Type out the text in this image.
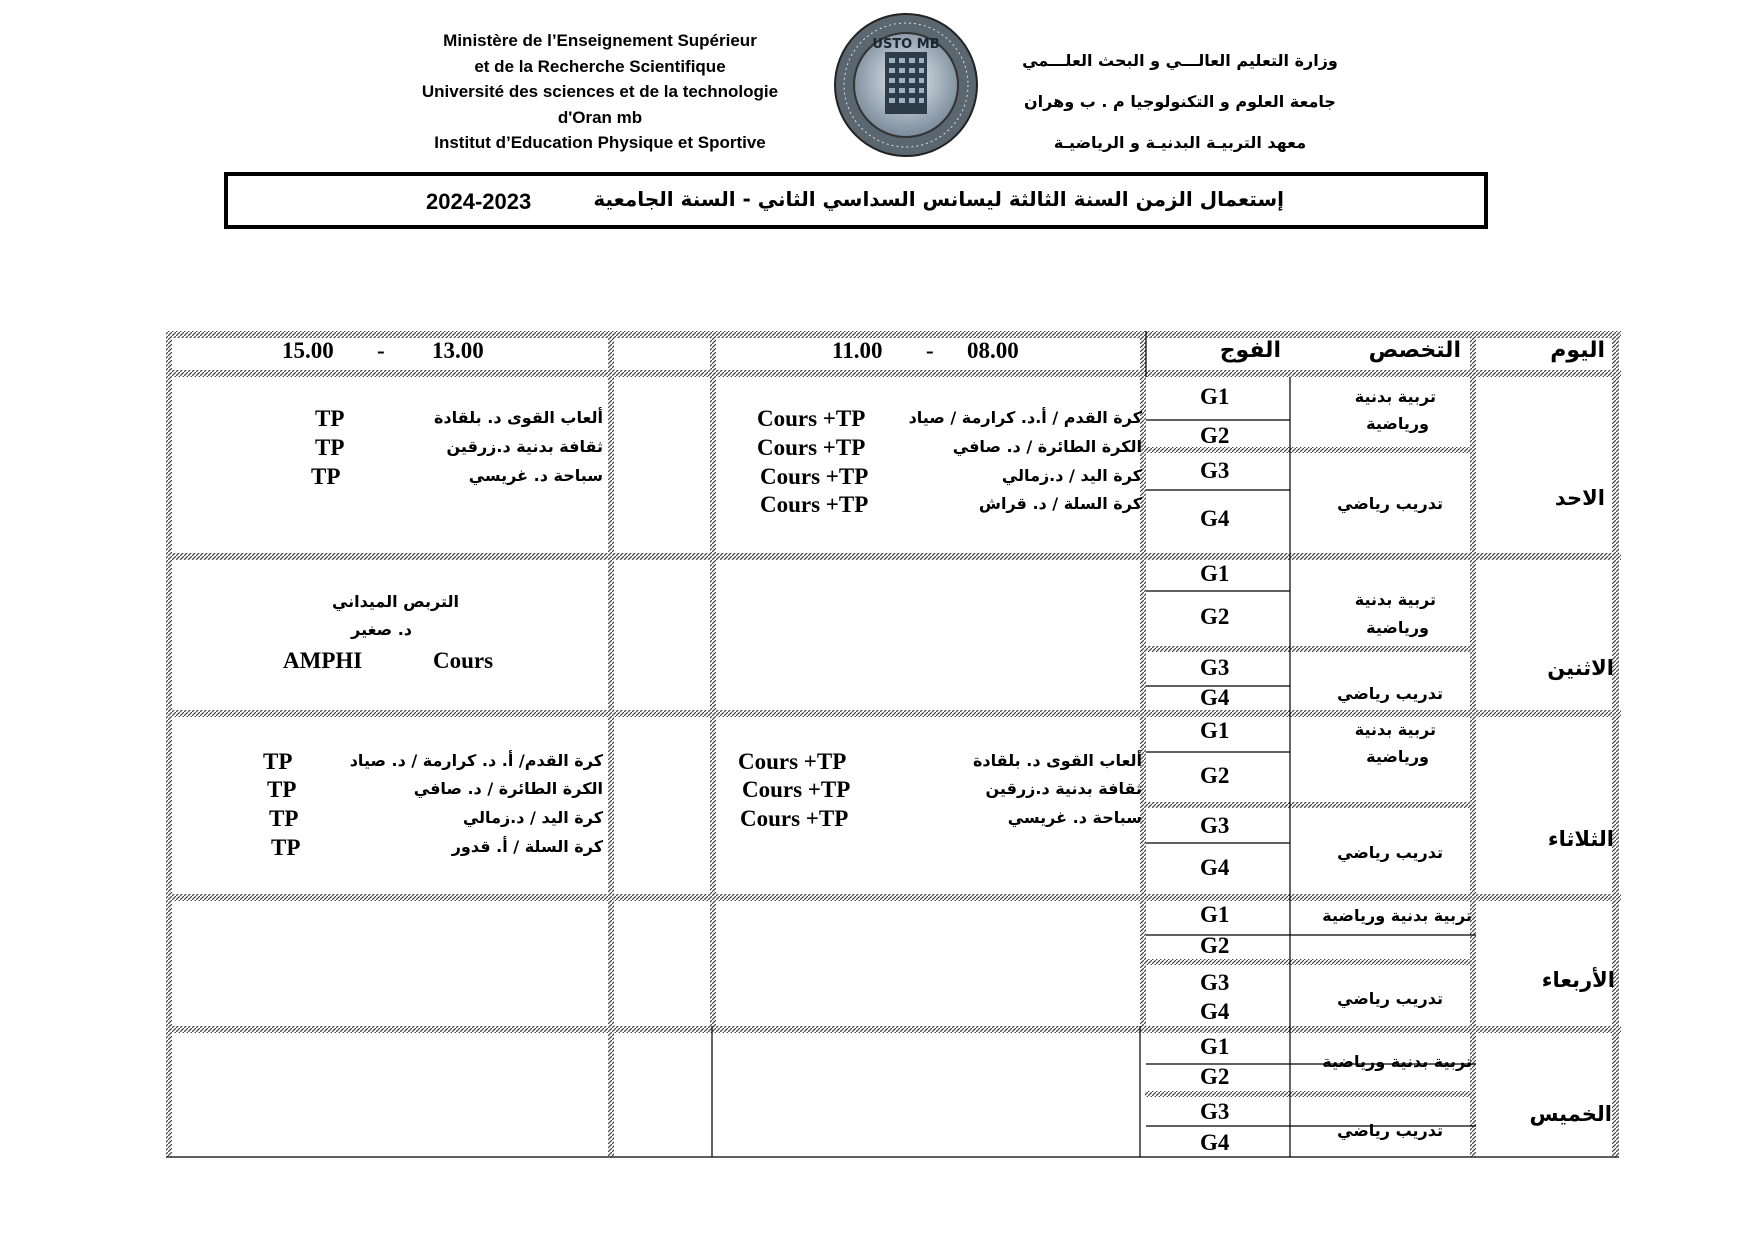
Ministère de l’Enseignement Supérieur
et de la Recherche Scientifique
Université des sciences et de la technologie
d'Oran mb
Institut d’Education Physique et Sportive
USTO MB
وزارة التعليم العالـــي و البحث العلـــمي
جامعة العلوم و التكنولوجيا م . ب وهران
معهد التربيـة البدنيـة و الرياضيـة
إستعمال الزمن السنة الثالثة ليسانس السداسي الثاني - السنة الجامعية
2024-2023
اليوم
التخصص
الفوج
08.00
-
11.00
13.00
-
15.00
الاحد
الاثنين
الثلاثاء
الأربعاء
الخميس
تربية بدنية
ورياضية
تدريب رياضي
تربية بدنية
ورياضية
تدريب رياضي
تربية بدنية
ورياضية
تدريب رياضي
تربية بدنية ورياضية
تدريب رياضي
تربية بدنية ورياضية
تدريب رياضي
G1
G2
G3
G4
G1
G2
G3
G4
G1
G2
G3
G4
G1
G2
G3
G4
G1
G2
G3
G4
كرة القدم / أ.د. كرارمة / صياد
Cours +TP
الكرة الطائرة / د. صافي
Cours +TP
كرة اليد / د.زمالي
Cours +TP
كرة السلة / د. قراش
Cours +TP
ألعاب القوى د. بلقادة
TP
ثقافة بدنية د.زرقين
TP
سباحة د. غريسي
TP
التربص الميداني
د. صغير
AMPHI	Cours
ألعاب القوى د. بلقادة
Cours +TP
ثقافة بدنية د.زرقين
Cours +TP
سباحة د. غريسي
Cours +TP
كرة القدم/ أ. د. كرارمة / د. صياد
TP
الكرة الطائرة / د. صافي
TP
كرة اليد / د.زمالي
TP
كرة السلة / أ. قدور
TP
